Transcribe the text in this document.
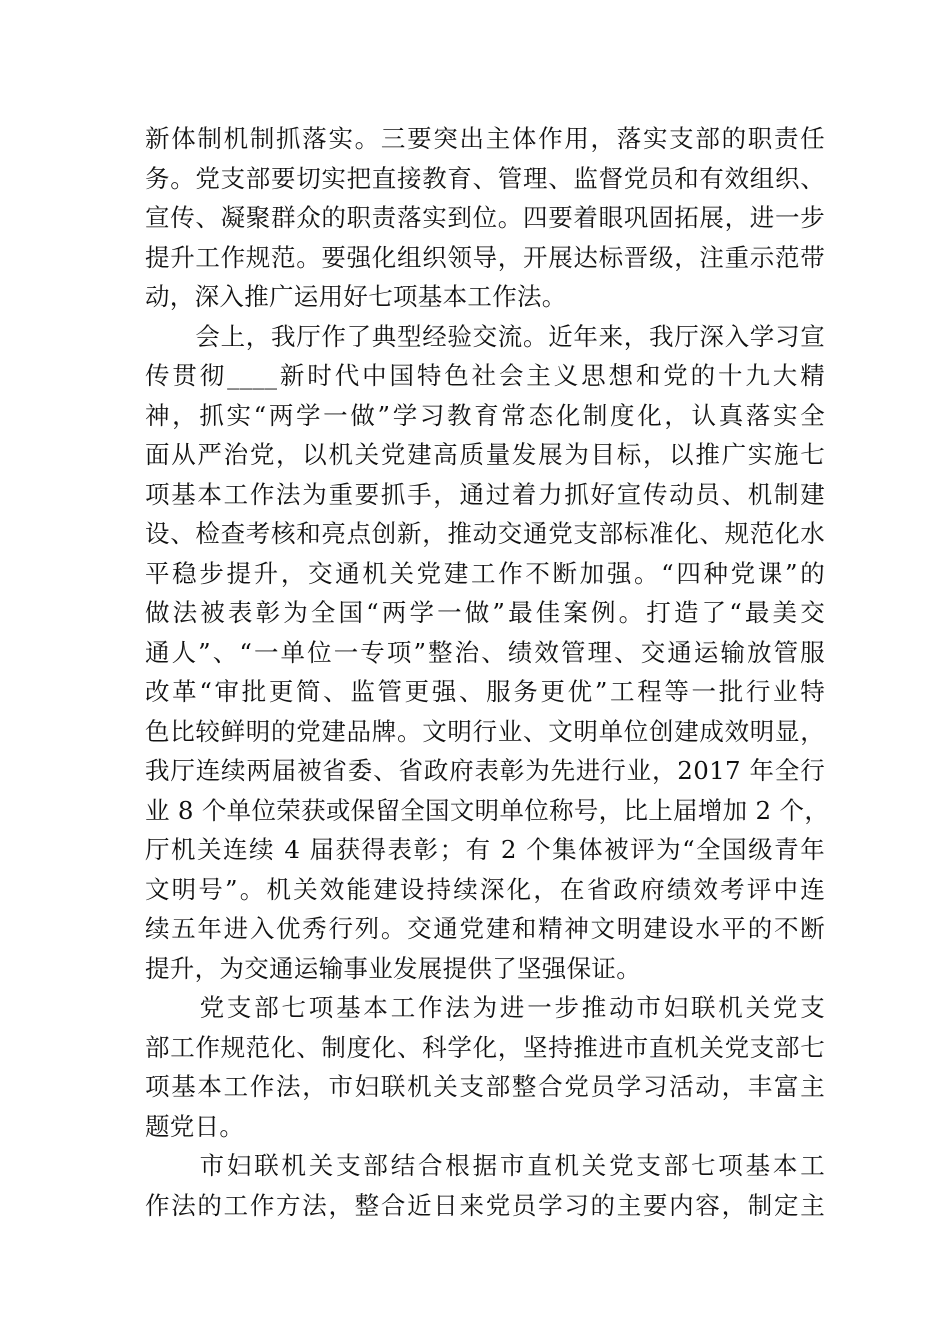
新体制机制抓落实。三要突出主体作用，落实支部的职责任
务。党支部要切实把直接教育、管理、监督党员和有效组织、
宣传、凝聚群众的职责落实到位。四要着眼巩固拓展，进一步
提升工作规范。要强化组织领导，开展达标晋级，注重示范带
动，深入推广运用好七项基本工作法。
　　会上，我厅作了典型经验交流。近年来，我厅深入学习宣
传贯彻____新时代中国特色社会主义思想和党的十九大精
神，抓实“两学一做”学习教育常态化制度化，认真落实全
面从严治党，以机关党建高质量发展为目标，以推广实施七
项基本工作法为重要抓手，通过着力抓好宣传动员、机制建
设、检查考核和亮点创新，推动交通党支部标准化、规范化水
平稳步提升，交通机关党建工作不断加强。“四种党课”的
做法被表彰为全国“两学一做”最佳案例。打造了“最美交
通人”、“一单位一专项”整治、绩效管理、交通运输放管服
改革“审批更简、监管更强、服务更优”工程等一批行业特
色比较鲜明的党建品牌。文明行业、文明单位创建成效明显，
我厅连续两届被省委、省政府表彰为先进行业，2017 年全行
业 8 个单位荣获或保留全国文明单位称号，比上届增加 2 个，
厅机关连续 4 届获得表彰；有 2 个集体被评为“全国级青年
文明号”。机关效能建设持续深化，在省政府绩效考评中连
续五年进入优秀行列。交通党建和精神文明建设水平的不断
提升，为交通运输事业发展提供了坚强保证。
　　党支部七项基本工作法为进一步推动市妇联机关党支
部工作规范化、制度化、科学化，坚持推进市直机关党支部七
项基本工作法，市妇联机关支部整合党员学习活动，丰富主
题党日。
　　市妇联机关支部结合根据市直机关党支部七项基本工
作法的工作方法，整合近日来党员学习的主要内容，制定主
